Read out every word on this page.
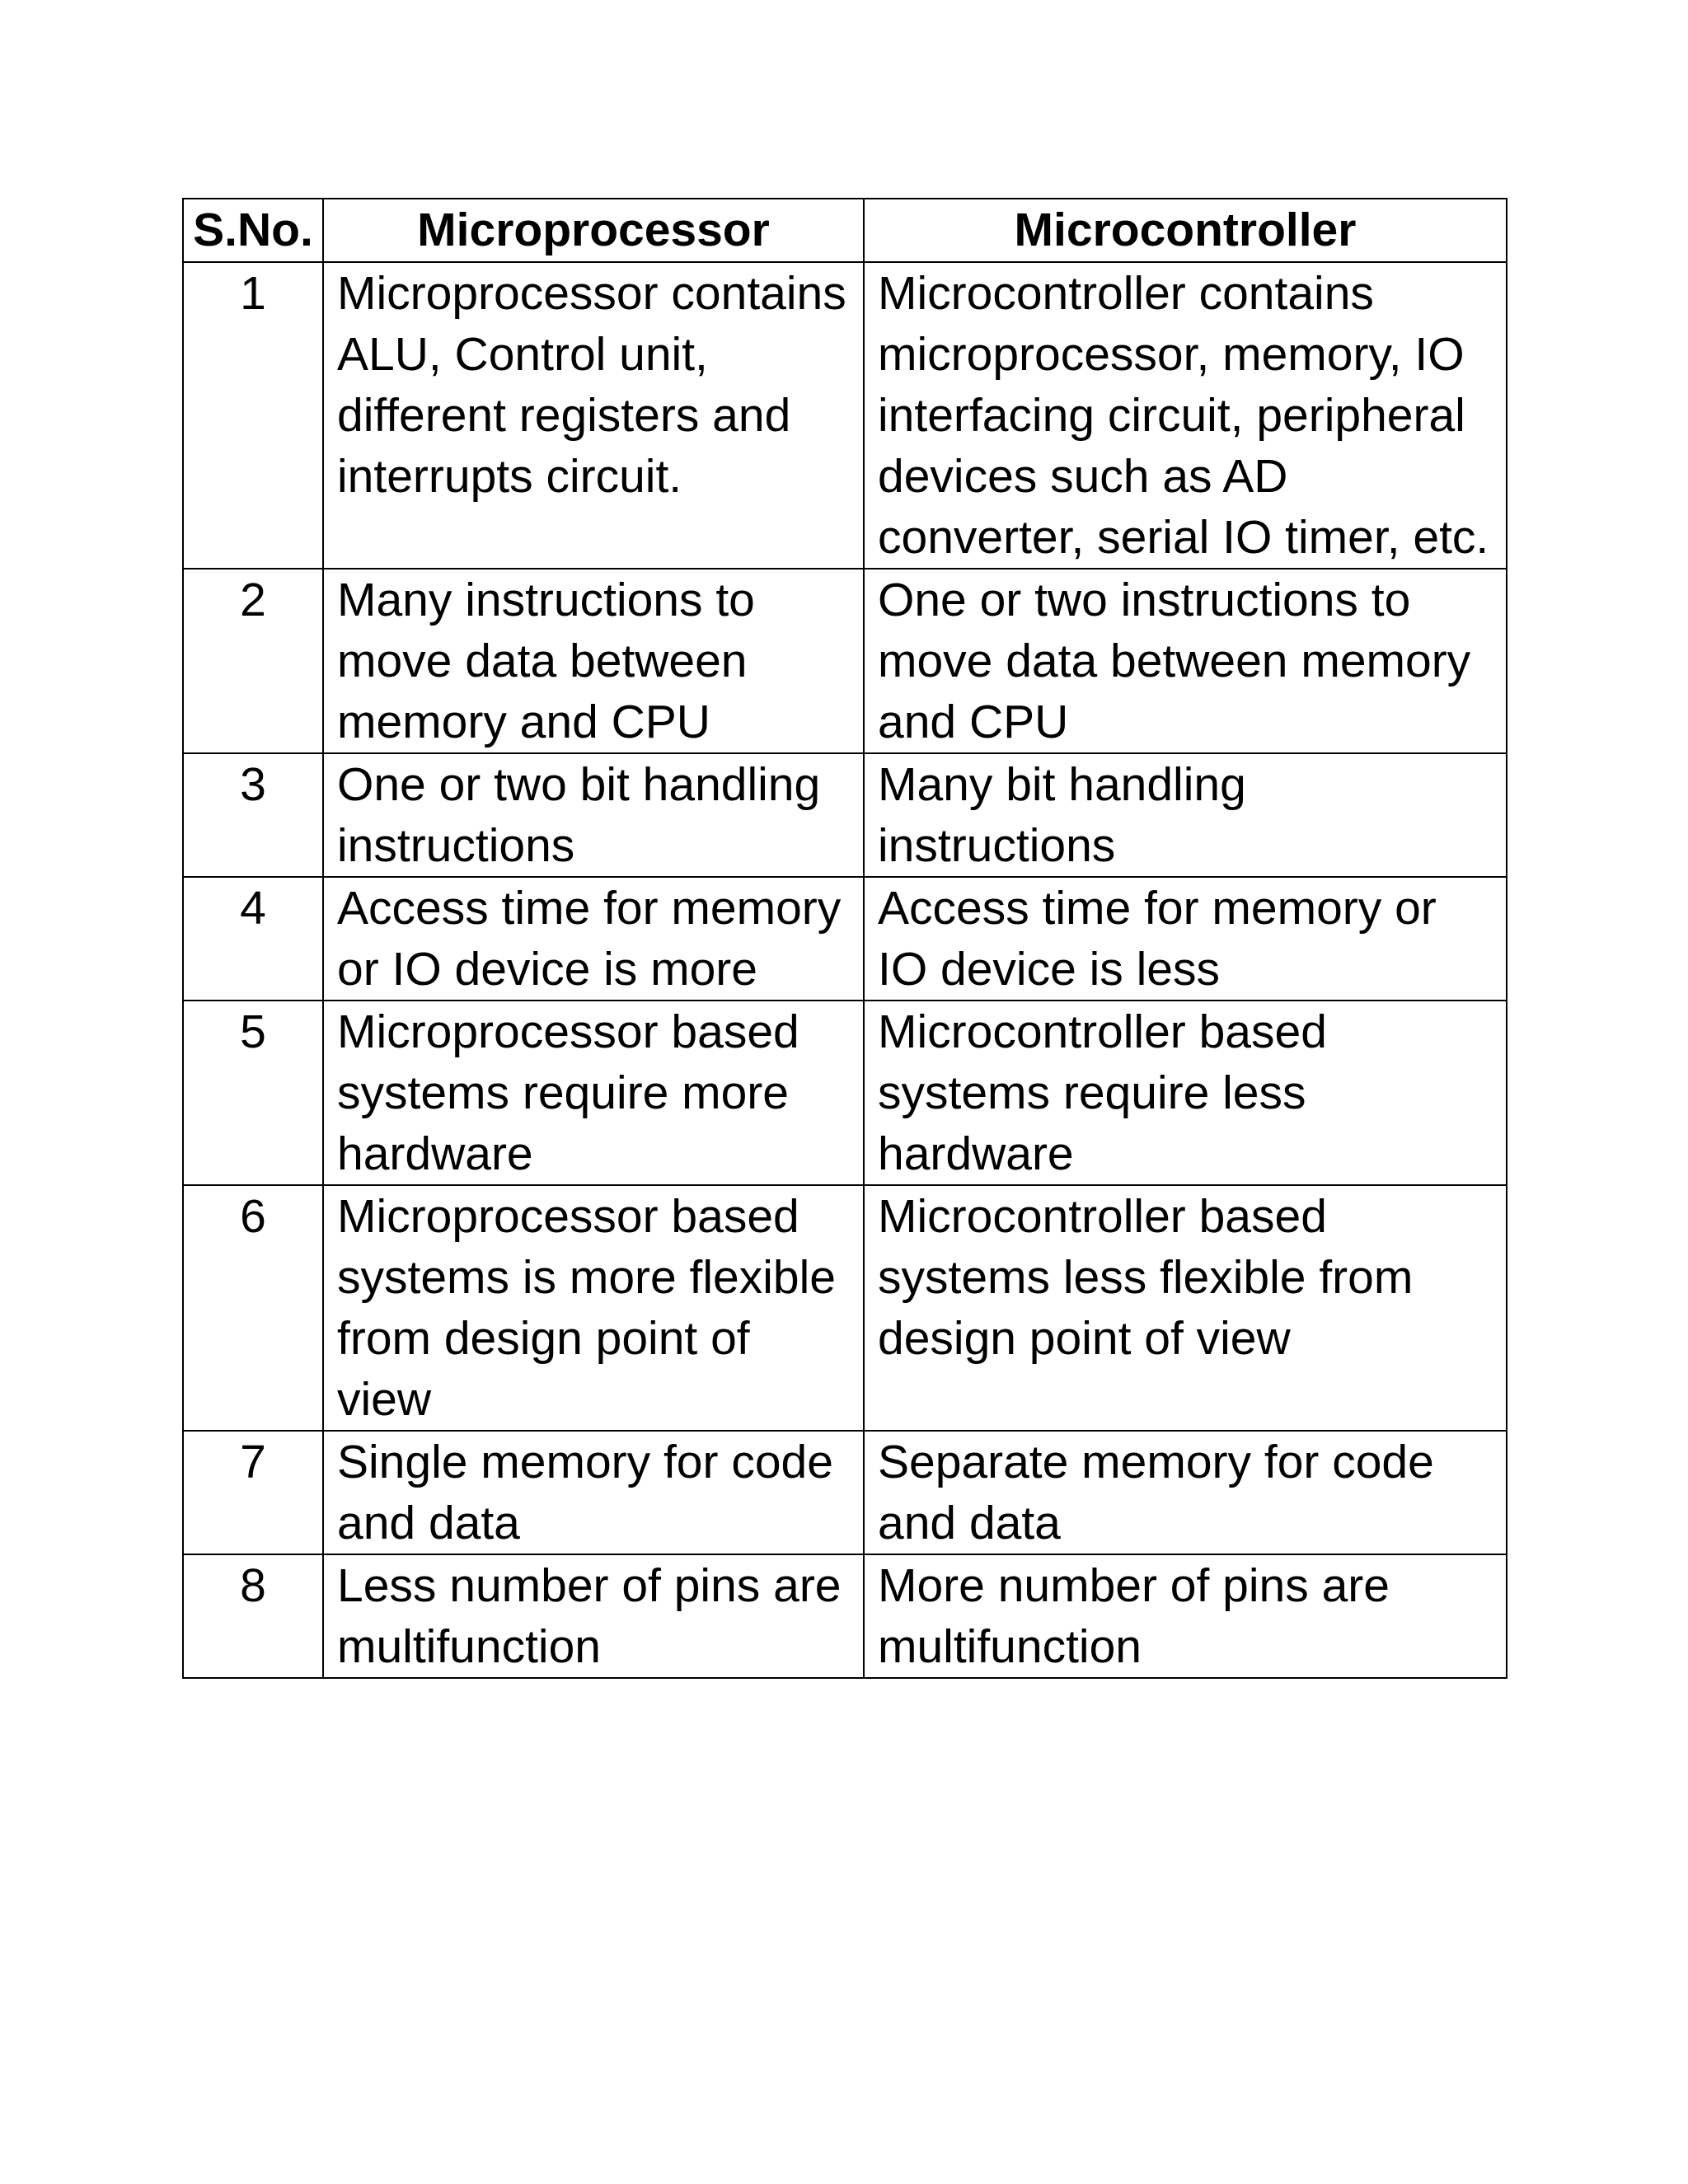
S.No.	Microprocessor	Microcontroller
1	Microprocessor contains ALU, Control unit, different registers and interrupts circuit.	Microcontroller contains microprocessor, memory, IO interfacing circuit, peripheral devices such as AD converter, serial IO timer, etc.
2	Many instructions to move data between memory and CPU	One or two instructions to move data between memory and CPU
3	One or two bit handling instructions	Many bit handling instructions
4	Access time for memory or IO device is more	Access time for memory or IO device is less
5	Microprocessor based systems require more hardware	Microcontroller based systems require less hardware
6	Microprocessor based systems is more flexible from design point of view	Microcontroller based systems less flexible from design point of view
7	Single memory for code and data	Separate memory for code and data
8	Less number of pins are multifunction	More number of pins are multifunction
